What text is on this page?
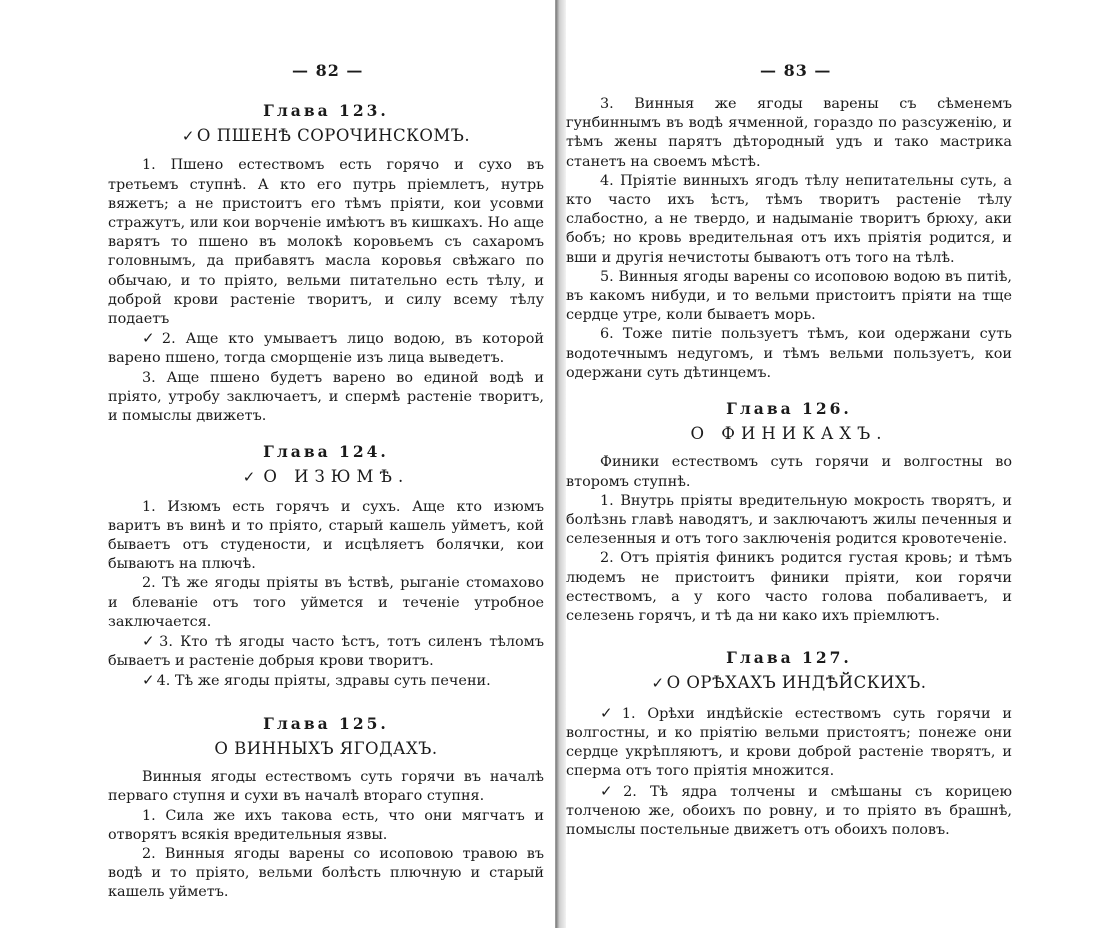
— 82 —
Глава 123.
✓ О ПШЕНѢ СОРОЧИНСКОМЪ.

1. Пшено естествомъ есть горячо и сухо въ третьемъ ступнѣ. А кто его путрь пріемлетъ, нутрь вяжетъ; а не пристоитъ его тѣмъ пріяти, кои усовми стражутъ, или кои ворченіе имѣютъ въ кишкахъ. Но аще варятъ то пшено въ молокѣ коровьемъ съ сахаромъ головнымъ, да прибавятъ масла коровья свѣжаго по обычаю, и то пріято, вельми питательно есть тѣлу, и доброй крови растеніе творитъ, и силу всему тѣлу подаетъ

✓ 2. Аще кто умываетъ лицо водою, въ которой варено пшено, тогда сморщеніе изъ лица выведетъ.

3. Аще пшено будетъ варено во единой водѣ и пріято, утробу заключаетъ, и спермѣ растеніе творитъ, и помыслы движетъ.

Глава 124.
✓ О ИЗЮМѢ.

1. Изюмъ есть горячъ и сухъ. Аще кто изюмъ варитъ въ винѣ и то пріято, старый кашель уйметъ, кой бываетъ отъ студености, и исцѣляетъ болячки, кои бываютъ на плючѣ.

2. Тѣ же ягоды пріяты въ ѣствѣ, рыганіе стомахово и блеваніе отъ того уймется и теченіе утробное заключается.

✓ 3. Кто тѣ ягоды часто ѣстъ, тотъ силенъ тѣломъ бываетъ и растеніе добрыя крови творитъ.

✓ 4. Тѣ же ягоды пріяты, здравы суть печени.

Глава 125.
О ВИННЫХЪ ЯГОДАХЪ.

Винныя ягоды естествомъ суть горячи въ началѣ перваго ступня и сухи въ началѣ втораго ступня.

1. Сила же ихъ такова есть, что они мягчатъ и отворятъ всякія вредительныя язвы.

2. Винныя ягоды варены со исоповою травою въ водѣ и то пріято, вельми болѣсть плючную и старый кашель уйметъ.

— 83 —

3. Винныя же ягоды варены съ сѣменемъ гунбиннымъ въ водѣ ячменной, гораздо по разсуженію, и тѣмъ жены парятъ дѣторoдный удъ и тако мастрика станетъ на своемъ мѣстѣ.

4. Пріятіе винныхъ ягодъ тѣлу непитательны суть, а кто часто ихъ ѣстъ, тѣмъ творитъ растеніе тѣлу слабостно, а не твердо, и надыманіе творитъ брюху, аки бобъ; но кровь вредительная отъ ихъ пріятія родится, и вши и другія нечистоты бываютъ отъ того на тѣлѣ.

5. Винныя ягоды варены со исоповою водою въ питіѣ, въ какомъ нибуди, и то вельми пристоитъ пріяти на тще сердце утре, коли бываетъ морь.

6. Тоже питіе пользуетъ тѣмъ, кои одержани суть водотечнымъ недугомъ, и тѣмъ вельми пользуетъ, кои одержани суть дѣтинцемъ.

Глава 126.
О ФИНИКАХЪ.

Финики естествомъ суть горячи и волгостны во второмъ ступнѣ.

1. Внутрь пріяты вредительную мокрость творятъ, и болѣзнь главѣ наводятъ, и заключаютъ жилы печенныя и селезенныя и отъ того заключенія родится кровотеченіе.

2. Отъ пріятія финикъ родится густая кровь; и тѣмъ людемъ не пристоитъ финики пріяти, кои горячи естествомъ, а у кого часто голова побаливаетъ, и селезень горячъ, и тѣ да ни како ихъ пріемлютъ.

Глава 127.
✓ О ОРѢХАХЪ ИНДѢЙСКИХЪ.

✓ 1. Орѣхи индѣйскіе естествомъ суть горячи и волгостны, и ко пріятію вельми пристоятъ; понеже они сердце укрѣпляютъ, и крови доброй растеніе творятъ, и сперма отъ того пріятія множится.

✓ 2. Тѣ ядра толчены и смѣшаны съ корицею толченою же, обоихъ по ровну, и то пріято въ брашнѣ, помыслы постельные движетъ отъ обоихъ половъ.
